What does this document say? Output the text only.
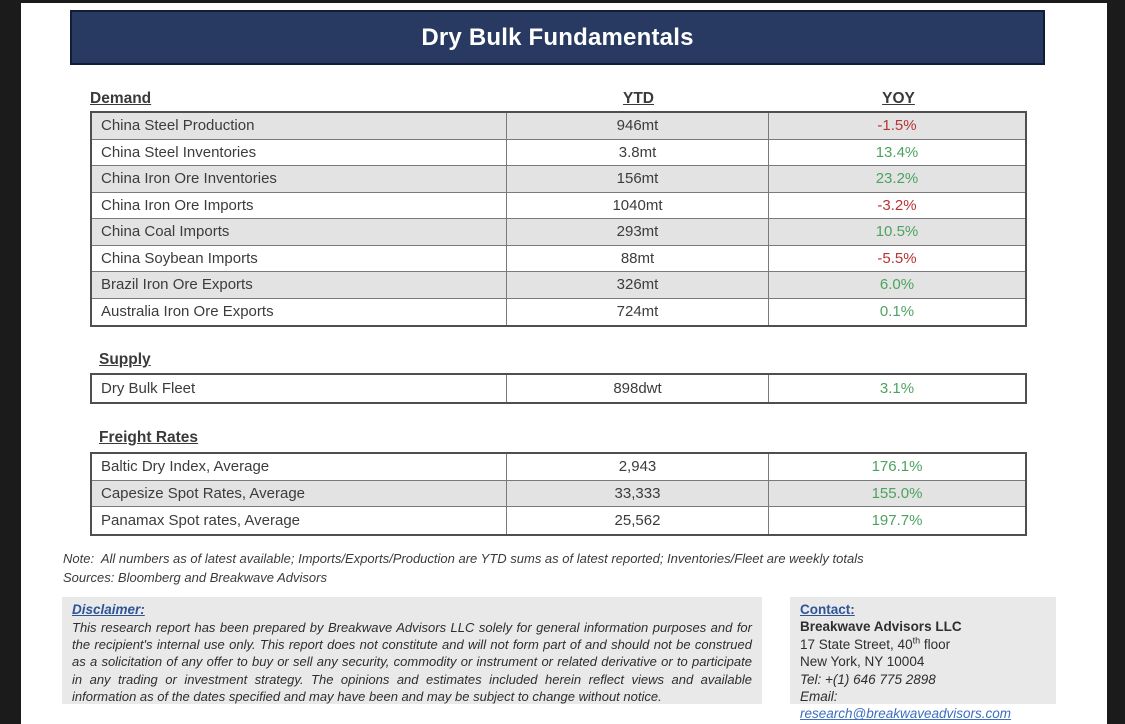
Dry Bulk Fundamentals
Demand	YTD	YOY
China Steel Production	946mt	-1.5%
China Steel Inventories	3.8mt	13.4%
China Iron Ore Inventories	156mt	23.2%
China Iron Ore Imports	1040mt	-3.2%
China Coal Imports	293mt	10.5%
China Soybean Imports	88mt	-5.5%
Brazil Iron Ore Exports	326mt	6.0%
Australia Iron Ore Exports	724mt	0.1%
Supply
Dry Bulk Fleet	898dwt	3.1%
Freight Rates
Baltic Dry Index, Average	2,943	176.1%
Capesize Spot Rates, Average	33,333	155.0%
Panamax Spot rates, Average	25,562	197.7%
Note:  All numbers as of latest available; Imports/Exports/Production are YTD sums as of latest reported; Inventories/Fleet are weekly totals
Sources: Bloomberg and Breakwave Advisors
Disclaimer:
This research report has been prepared by Breakwave Advisors LLC solely for general information purposes and for the recipient's internal use only. This report does not constitute and will not form part of and should not be construed as a solicitation of any offer to buy or sell any security, commodity or instrument or related derivative or to participate in any trading or investment strategy. The opinions and estimates included herein reflect views and available information as of the dates specified and may have been and may be subject to change without notice.
Contact:
Breakwave Advisors LLC
17 State Street, 40th floor
New York, NY 10004
Tel: +(1) 646 775 2898
Email: research@breakwaveadvisors.com
